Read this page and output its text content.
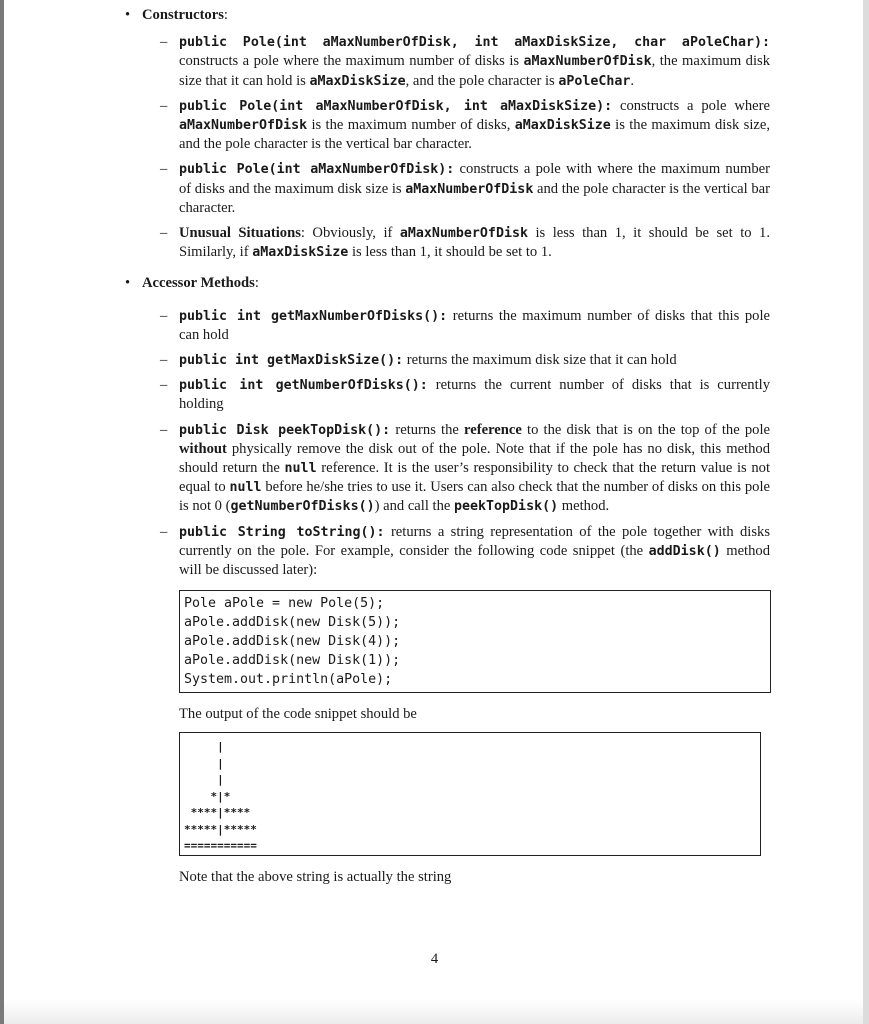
• Constructors:
– public Pole(int aMaxNumberOfDisk, int aMaxDiskSize, char aPoleChar): constructs a pole where the maximum number of disks is aMaxNumberOfDisk, the maximum disk size that it can hold is aMaxDiskSize, and the pole character is aPoleChar.
– public Pole(int aMaxNumberOfDisk, int aMaxDiskSize): constructs a pole where aMaxNumberOfDisk is the maximum number of disks, aMaxDiskSize is the maximum disk size, and the pole character is the vertical bar character.
– public Pole(int aMaxNumberOfDisk): constructs a pole with where the maximum number of disks and the maximum disk size is aMaxNumberOfDisk and the pole character is the vertical bar character.
– Unusual Situations: Obviously, if aMaxNumberOfDisk is less than 1, it should be set to 1. Similarly, if aMaxDiskSize is less than 1, it should be set to 1.
• Accessor Methods:
– public int getMaxNumberOfDisks(): returns the maximum number of disks that this pole can hold
– public int getMaxDiskSize(): returns the maximum disk size that it can hold
– public int getNumberOfDisks(): returns the current number of disks that is currently holding
– public Disk peekTopDisk(): returns the reference to the disk that is on the top of the pole without physically remove the disk out of the pole. Note that if the pole has no disk, this method should return the null reference. It is the user’s responsibility to check that the return value is not equal to null before he/she tries to use it. Users can also check that the number of disks on this pole is not 0 (getNumberOfDisks()) and call the peekTopDisk() method.
– public String toString(): returns a string representation of the pole together with disks currently on the pole. For example, consider the following code snippet (the addDisk() method will be discussed later):
Pole aPole = new Pole(5);
aPole.addDisk(new Disk(5));
aPole.addDisk(new Disk(4));
aPole.addDisk(new Disk(1));
System.out.println(aPole);

The output of the code snippet should be

|
|
|
*|*
****|****
*****|*****
===========

Note that the above string is actually the string

4
